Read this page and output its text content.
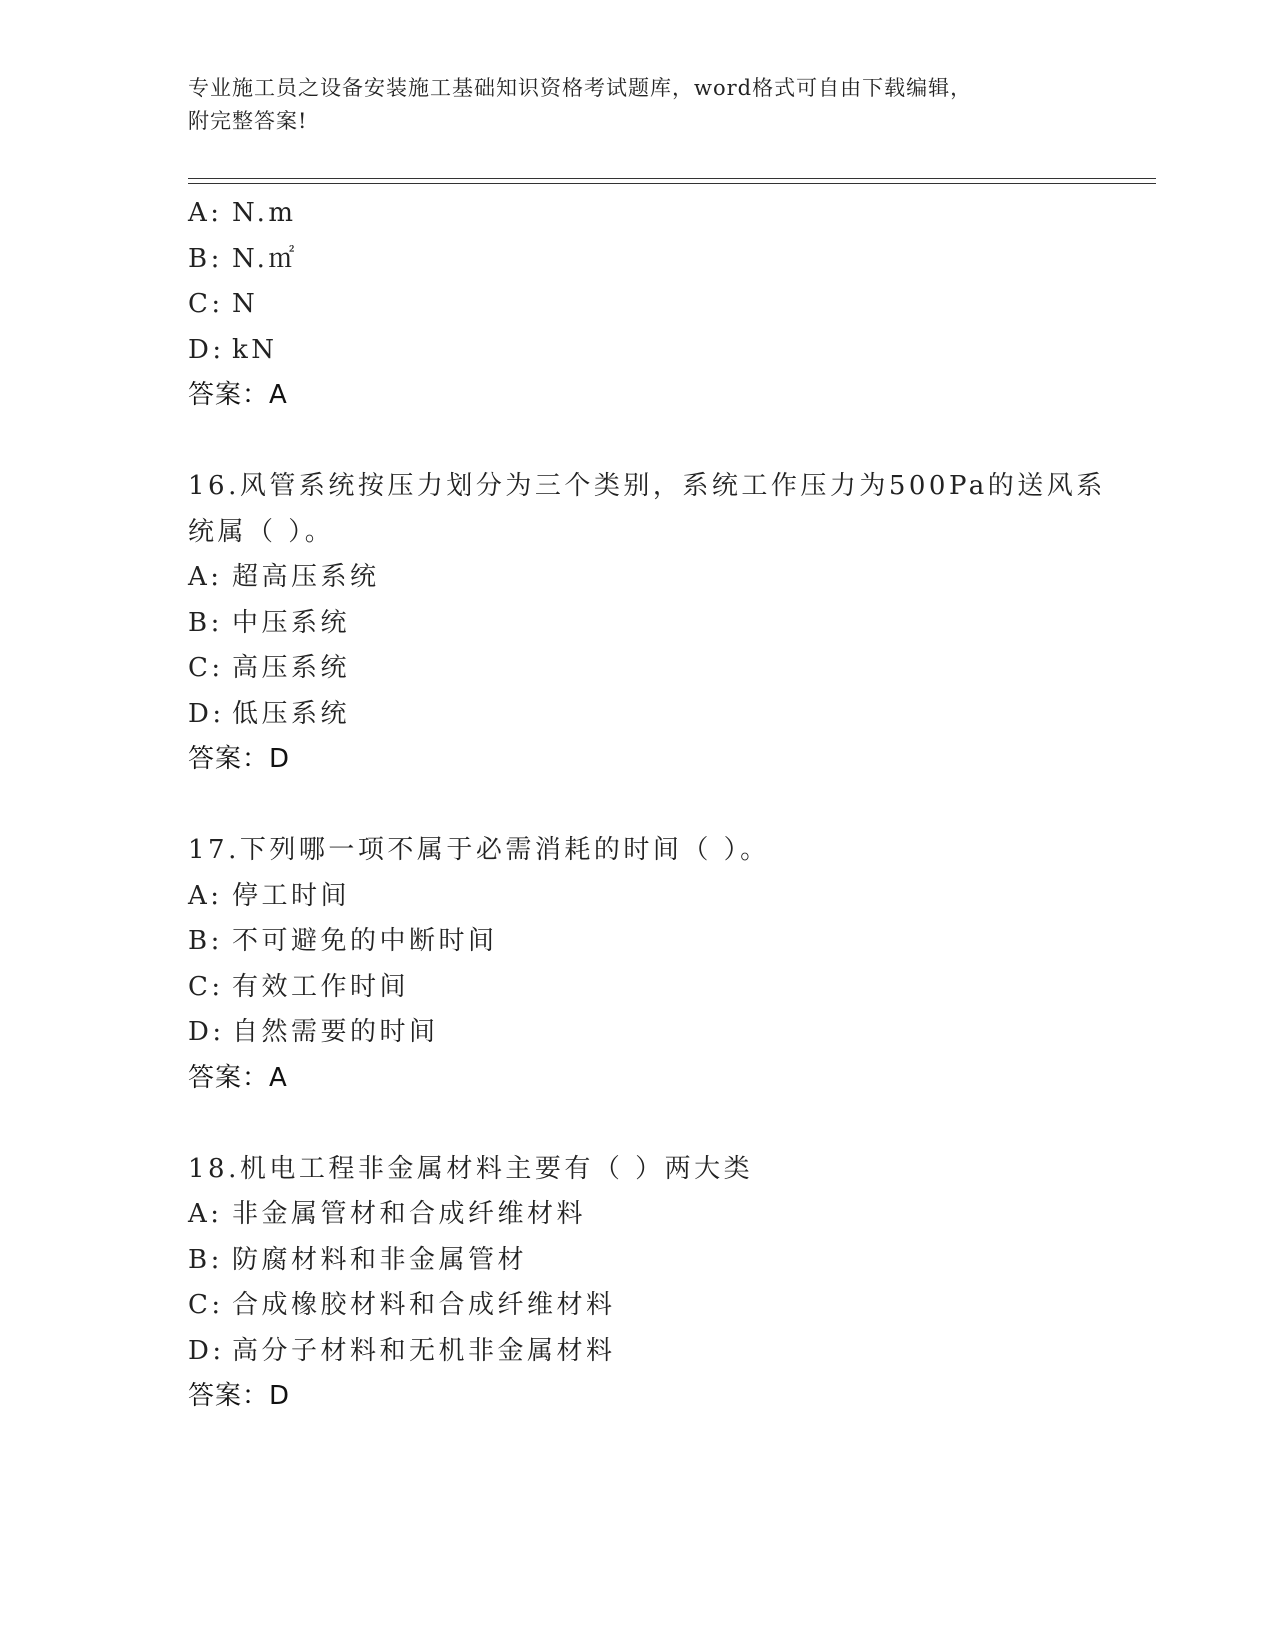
专业施工员之设备安装施工基础知识资格考试题库，word格式可自由下载编辑，
附完整答案!
A: N.m
B: N.㎡
C: N
D: kN
答案：A
16.风管系统按压力划分为三个类别，系统工作压力为500Pa的送风系
统属（ ）。
A: 超高压系统
B: 中压系统
C: 高压系统
D: 低压系统
答案：D
17.下列哪一项不属于必需消耗的时间（ ）。
A: 停工时间
B: 不可避免的中断时间
C: 有效工作时间
D: 自然需要的时间
答案：A
18.机电工程非金属材料主要有（ ）两大类
A: 非金属管材和合成纤维材料
B: 防腐材料和非金属管材
C: 合成橡胶材料和合成纤维材料
D: 高分子材料和无机非金属材料
答案：D
